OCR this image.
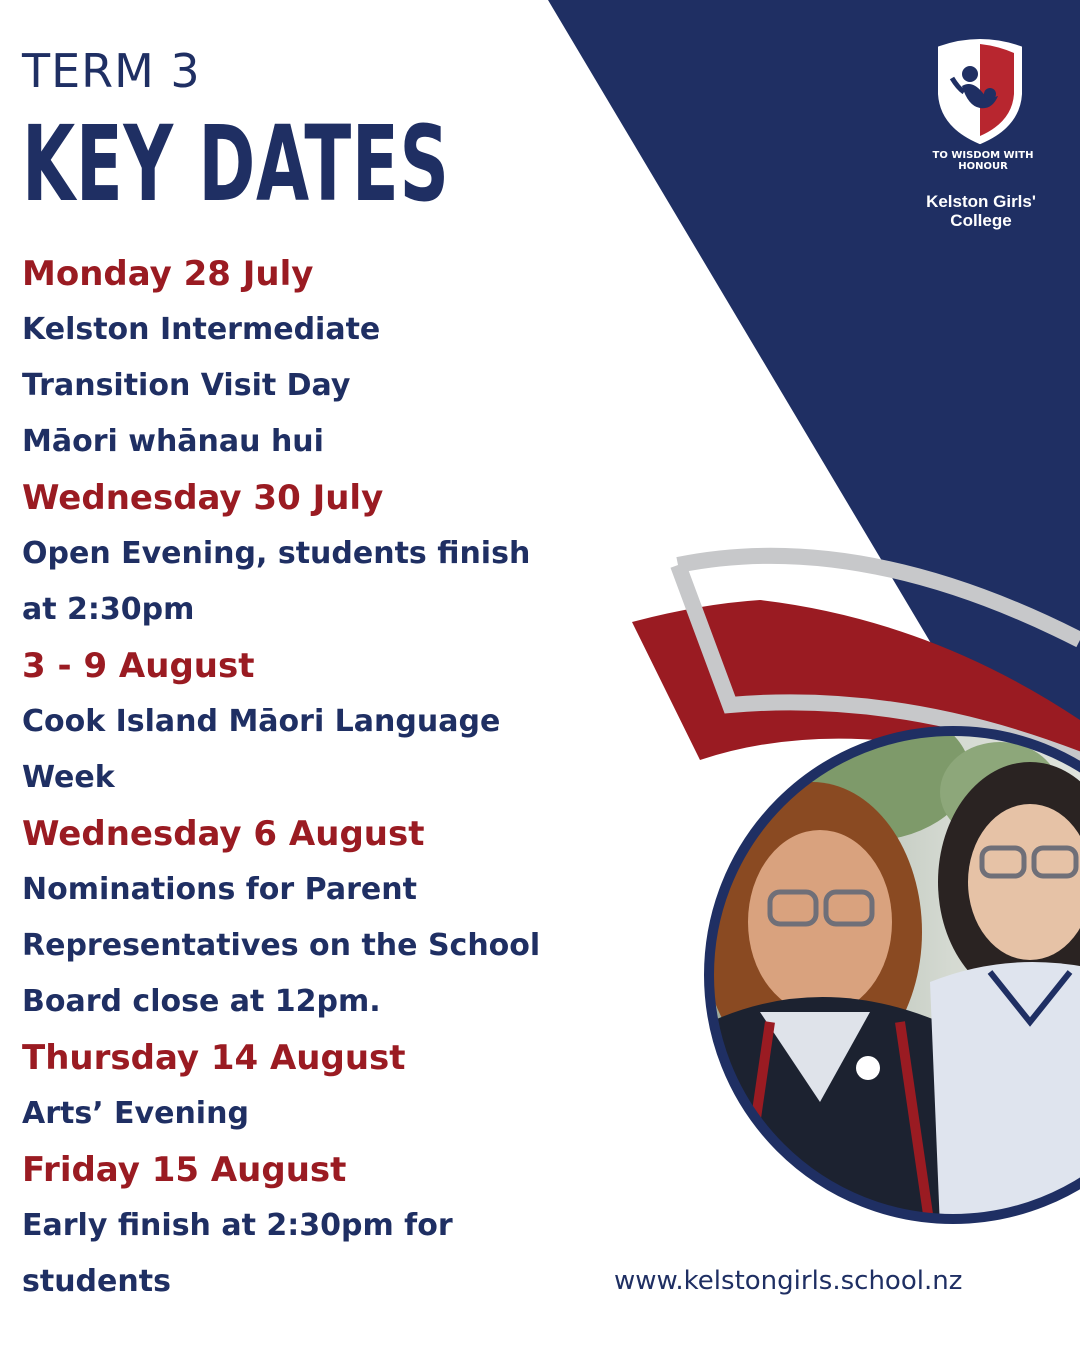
TERM 3
KEY DATES
Monday 28 July
Kelston Intermediate
Transition Visit Day
Māori whānau hui
Wednesday 30 July
Open Evening, students finish
at 2:30pm
3 - 9 August
Cook Island Māori Language
Week
Wednesday 6 August
Nominations for Parent
Representatives on the School
Board close at 12pm.
Thursday 14 August
Arts’ Evening
Friday 15 August
Early finish at 2:30pm for
students
TO WISDOM WITH HONOUR
Kelston Girls'
College
www.kelstongirls.school.nz
